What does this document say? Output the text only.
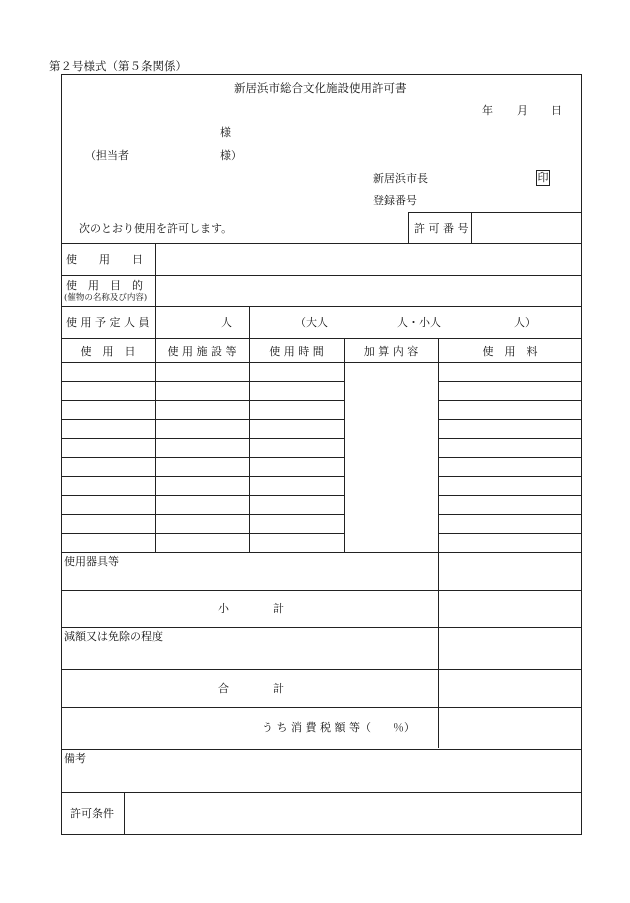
第２号様式（第５条関係）
新居浜市総合文化施設使用許可書
年 月 日
様
（担当者	様）
新居浜市長	印
登録番号
次のとおり使用を許可します。	許 可 番 号
使　　用　　日
使　用　目　的
(催物の名称及び内容)
使 用 予 定 人 員	人	（大人	人・小人	人）
使　用　日	使 用 施 設 等	使 用 時 間	加 算 内 容	使　用　料
使用器具等
小　　　　計
減額又は免除の程度
合　　　　計
う ち 消 費 税 額 等（　　％）
備考
許可条件
